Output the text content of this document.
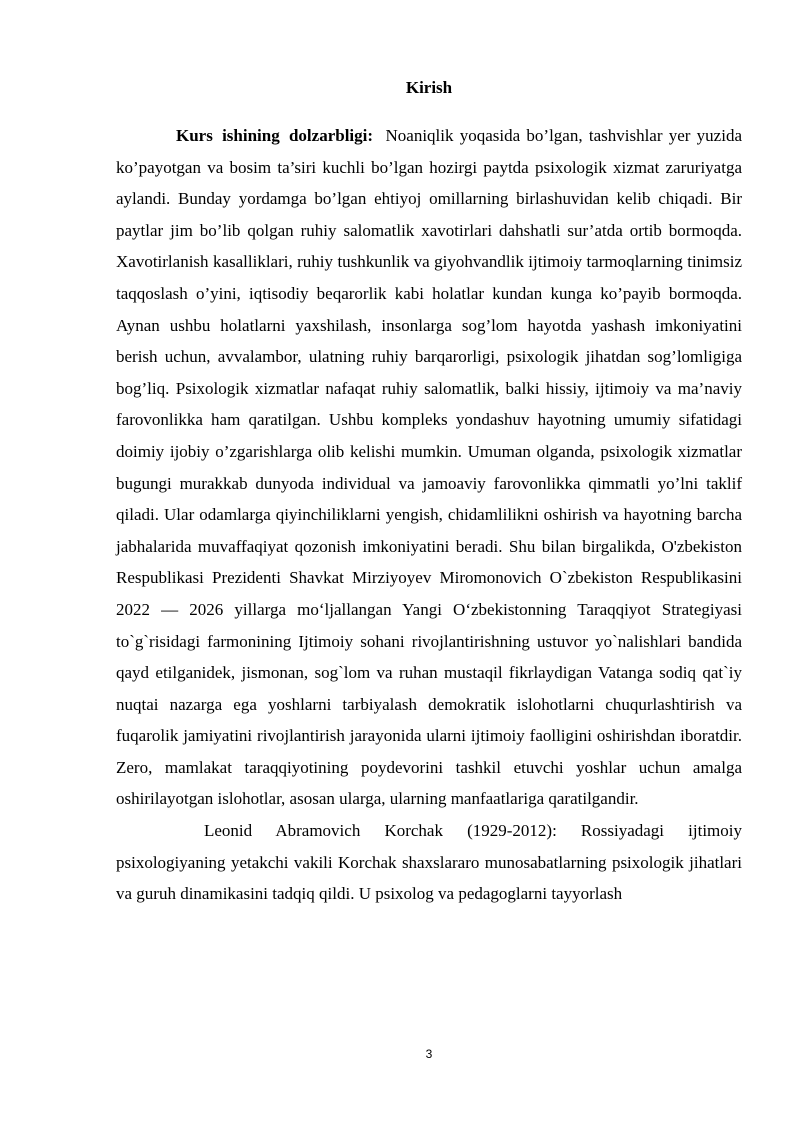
Kirish

Kurs ishining dolzarbligi: Noaniqlik yoqasida bo’lgan, tashvishlar yer yuzida ko’payotgan va bosim ta’siri kuchli bo’lgan hozirgi paytda psixologik xizmat zaruriyatga aylandi. Bunday yordamga bo’lgan ehtiyoj omillarning birlashuvidan kelib chiqadi. Bir paytlar jim bo’lib qolgan ruhiy salomatlik xavotirlari dahshatli sur’atda ortib bormoqda. Xavotirlanish kasalliklari, ruhiy tushkunlik va giyohvandlik ijtimoiy tarmoqlarning tinimsiz taqqoslash o’yini, iqtisodiy beqarorlik kabi holatlar kundan kunga ko’payib bormoqda. Aynan ushbu holatlarni yaxshilash, insonlarga sog’lom hayotda yashash imkoniyatini berish uchun, avvalambor, ulatning ruhiy barqarorligi, psixologik jihatdan sog’lomligiga bog’liq. Psixologik xizmatlar nafaqat ruhiy salomatlik, balki hissiy, ijtimoiy va ma’naviy farovonlikka ham qaratilgan. Ushbu kompleks yondashuv hayotning umumiy sifatidagi doimiy ijobiy o’zgarishlarga olib kelishi mumkin. Umuman olganda, psixologik xizmatlar bugungi murakkab dunyoda individual va jamoaviy farovonlikka qimmatli yo’lni taklif qiladi. Ular odamlarga qiyinchiliklarni yengish, chidamlilikni oshirish va hayotning barcha jabhalarida muvaffaqiyat qozonish imkoniyatini beradi. Shu bilan birgalikda, O'zbekiston Respublikasi Prezidenti Shavkat Mirziyoyev Miromonovich O`zbekiston Respublikasini 2022 — 2026 yillarga mo‘ljallangan Yangi O‘zbekistonning Taraqqiyot Strategiyasi to`g`risidagi farmonining Ijtimoiy sohani rivojlantirishning ustuvor yo`nalishlari bandida qayd etilganidek, jismonan, sog`lom va ruhan mustaqil fikrlaydigan Vatanga sodiq qat`iy nuqtai nazarga ega yoshlarni tarbiyalash demokratik islohotlarni chuqurlashtirish va fuqarolik jamiyatini rivojlantirish jarayonida ularni ijtimoiy faolligini oshirishdan iboratdir. Zero, mamlakat taraqqiyotining poydevorini tashkil etuvchi yoshlar uchun amalga oshirilayotgan islohotlar, asosan ularga, ularning manfaatlariga qaratilgandir.

Leonid Abramovich Korchak (1929-2012): Rossiyadagi ijtimoiy psixologiyaning yetakchi vakili Korchak shaxslararo munosabatlarning psixologik jihatlari va guruh dinamikasini tadqiq qildi. U psixolog va pedagoglarni tayyorlash

3
